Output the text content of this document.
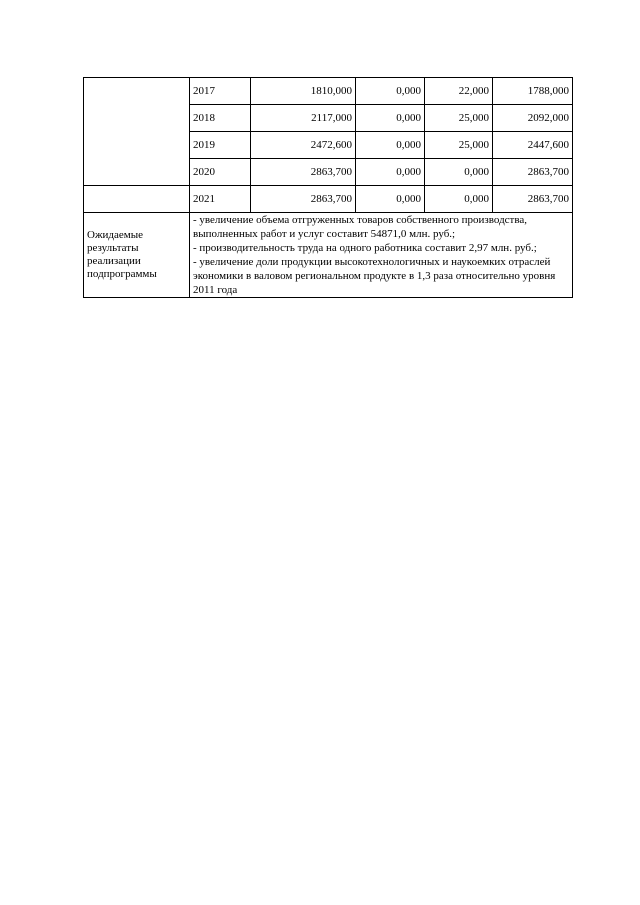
	2017	1810,000	0,000	22,000	1788,000
	2018	2117,000	0,000	25,000	2092,000
	2019	2472,600	0,000	25,000	2447,600
	2020	2863,700	0,000	0,000	2863,700
	2021	2863,700	0,000	0,000	2863,700
Ожидаемые результаты реализации подпрограммы	- увеличение объема отгруженных товаров собственного производства, выполненных работ и услуг составит 54871,0 млн. руб.;
- производительность труда на одного работника составит 2,97 млн. руб.;
- увеличение доли продукции высокотехнологичных и наукоемких отраслей экономики в валовом региональном продукте в 1,3 раза относительно уровня 2011 года				
